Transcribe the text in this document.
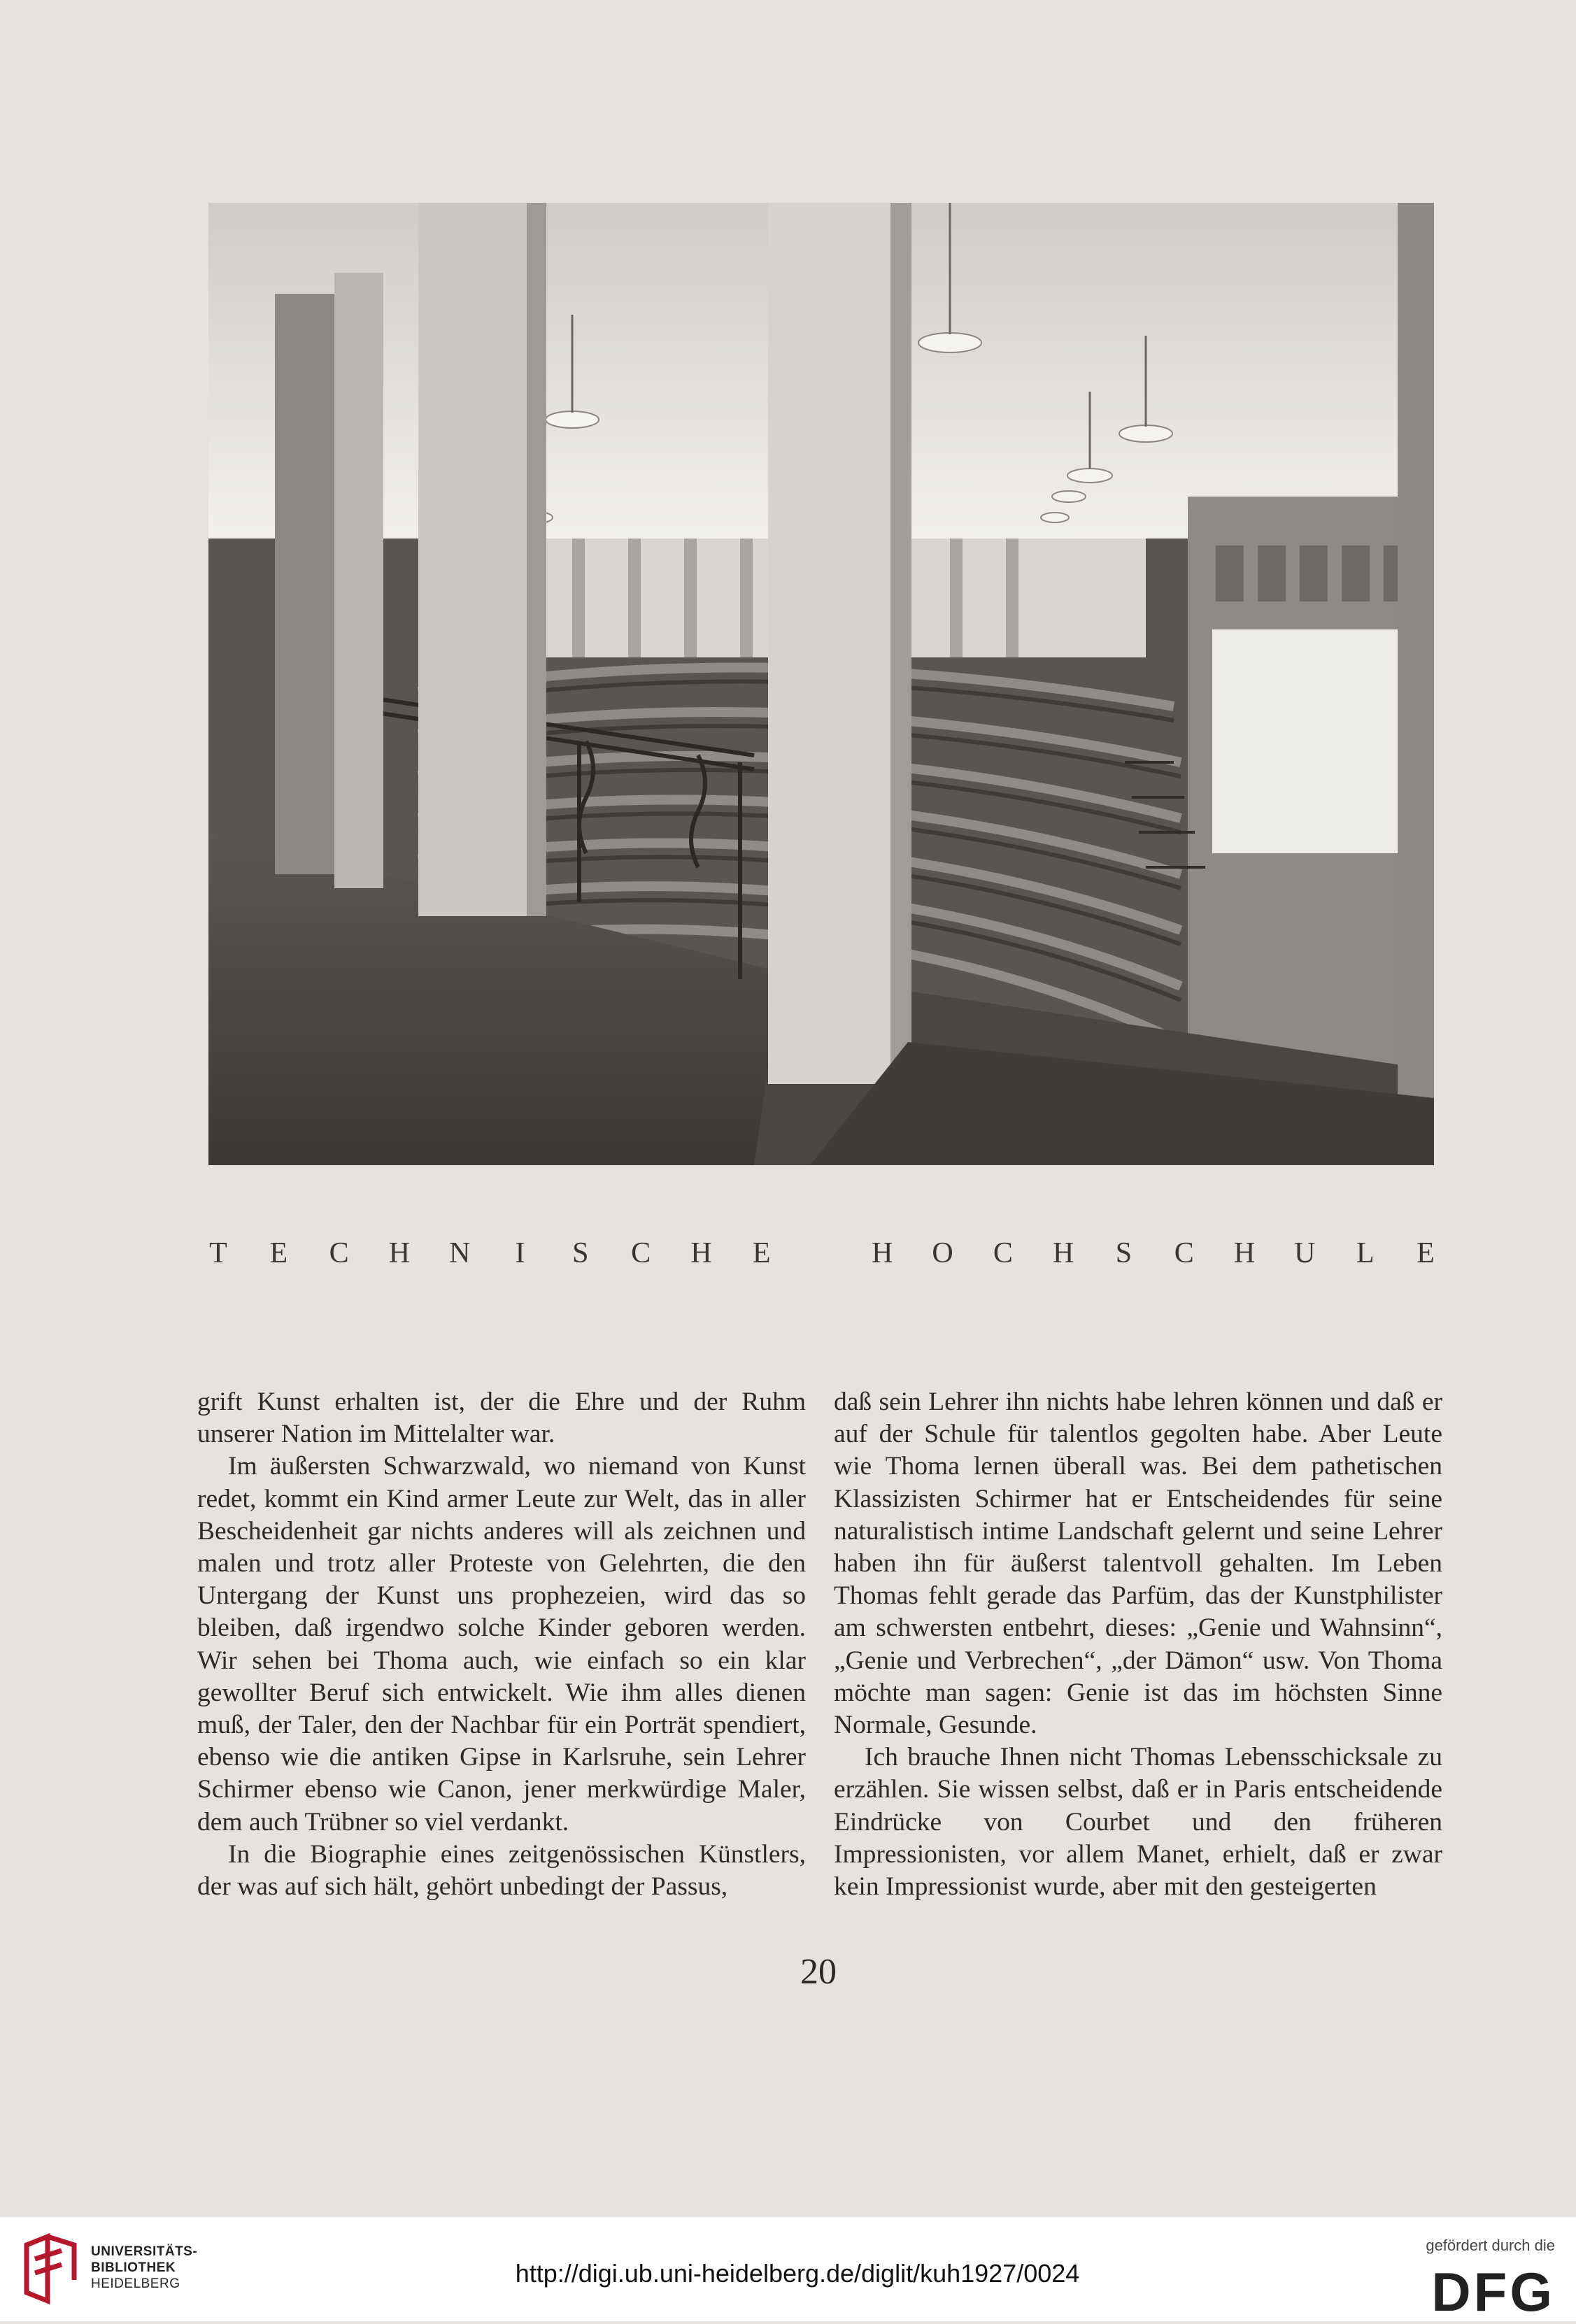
T E C H N	I	S C H E	H O C H S C H U L E

grift Kunst erhalten ist, der die Ehre und der Ruhm unserer Nation im Mittelalter war.

Im äußersten Schwarzwald, wo niemand von Kunst redet, kommt ein Kind armer Leute zur Welt, das in aller Bescheidenheit gar nichts anderes will als zeichnen und malen und trotz aller Proteste von Gelehrten, die den Untergang der Kunst uns prophezeien, wird das so bleiben, daß irgendwo solche Kinder geboren werden. Wir sehen bei Thoma auch, wie einfach so ein klar gewollter Beruf sich entwickelt. Wie ihm alles dienen muß, der Taler, den der Nachbar für ein Porträt spendiert, ebenso wie die antiken Gipse in Karlsruhe, sein Lehrer Schirmer ebenso wie Canon, jener merkwürdige Maler, dem auch Trübner so viel verdankt.

In die Biographie eines zeitgenössischen Künstlers, der was auf sich hält, gehört unbedingt der Passus,

daß sein Lehrer ihn nichts habe lehren können und daß er auf der Schule für talentlos gegolten habe. Aber Leute wie Thoma lernen überall was. Bei dem pathetischen Klassizisten Schirmer hat er Entscheidendes für seine naturalistisch intime Landschaft gelernt und seine Lehrer haben ihn für äußerst talentvoll gehalten. Im Leben Thomas fehlt gerade das Parfüm, das der Kunstphilister am schwersten entbehrt, dieses: „Genie und Wahnsinn“, „Genie und Verbrechen“, „der Dämon“ usw. Von Thoma möchte man sagen: Genie ist das im höchsten Sinne Normale, Gesunde.

Ich brauche Ihnen nicht Thomas Lebensschicksale zu erzählen. Sie wissen selbst, daß er in Paris entscheidende Eindrücke von Courbet und den früheren Impressionisten, vor allem Manet, erhielt, daß er zwar kein Impressionist wurde, aber mit den gesteigerten

20
UNIVERSITÄTS-
BIBLIOTHEK
HEIDELBERG	http://digi.ub.uni-heidelberg.de/diglit/kuh1927/0024
gefördert durch die
DFG
